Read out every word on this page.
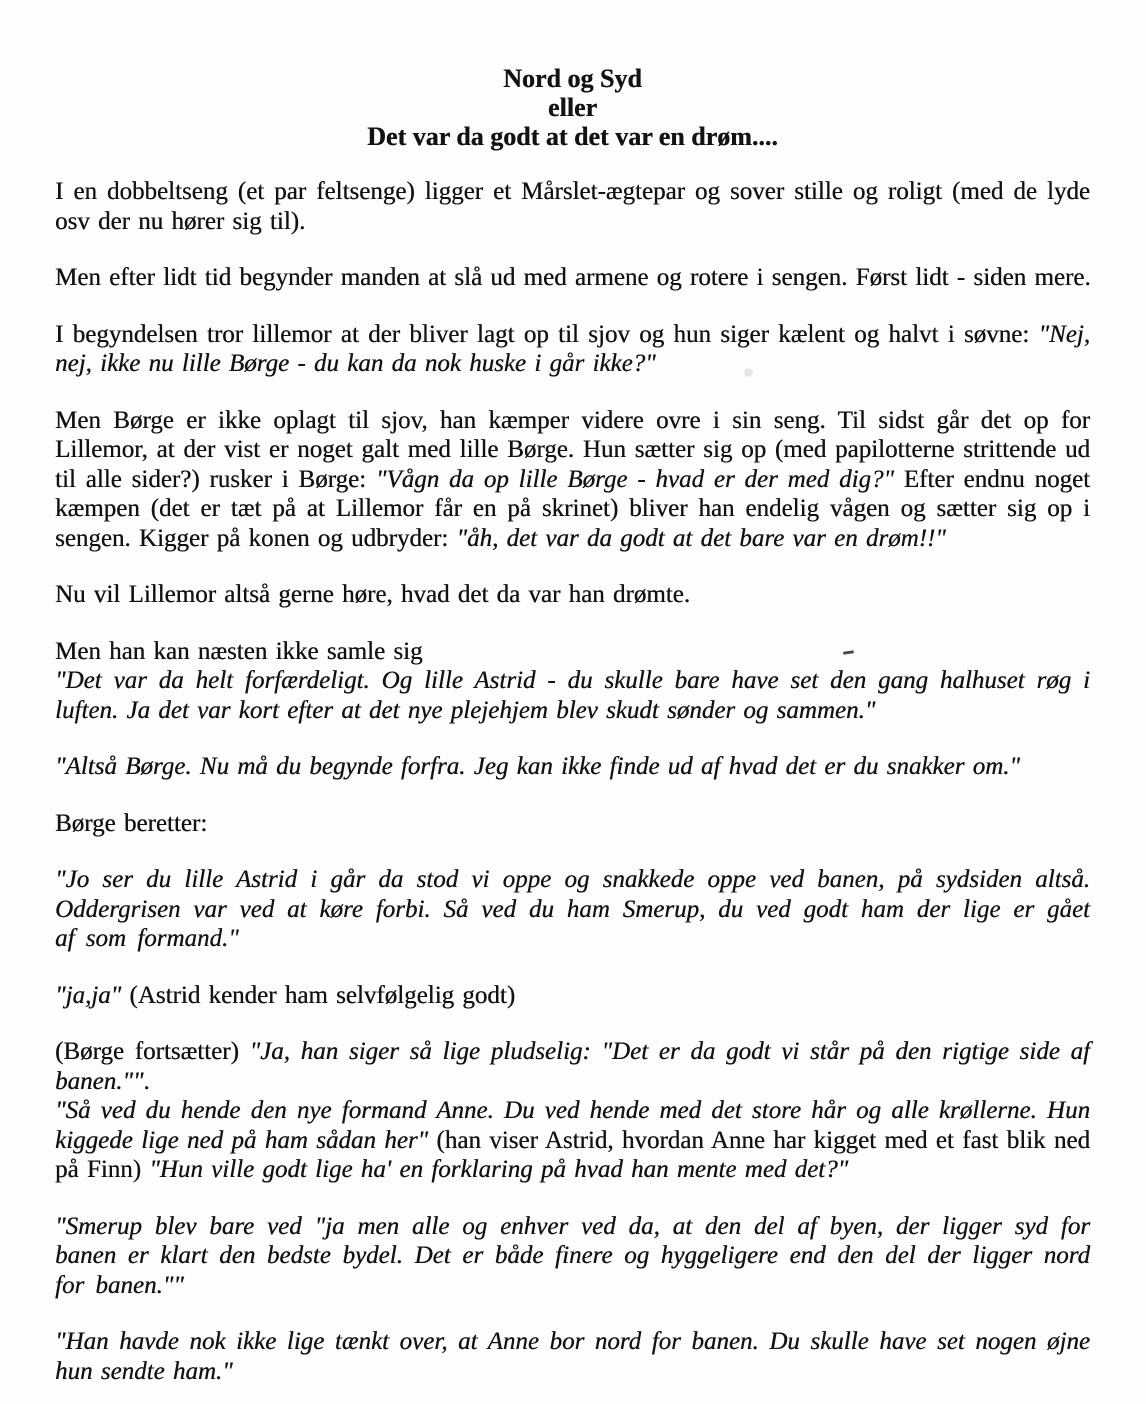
Nord og Syd
eller
Det var da godt at det var en drøm....

I en dobbeltseng (et par feltsenge) ligger et Mårslet-ægtepar og sover stille og roligt (med de lyde osv der nu hører sig til).

Men efter lidt tid begynder manden at slå ud med armene og rotere i sengen. Først lidt - siden mere.

I begyndelsen tror lillemor at der bliver lagt op til sjov og hun siger kælent og halvt i søvne: "Nej, nej, ikke nu lille Børge - du kan da nok huske i går ikke?"

Men Børge er ikke oplagt til sjov, han kæmper videre ovre i sin seng. Til sidst går det op for Lillemor, at der vist er noget galt med lille Børge. Hun sætter sig op (med papilotterne strittende ud til alle sider?) rusker i Børge: "Vågn da op lille Børge - hvad er der med dig?" Efter endnu noget kæmpen (det er tæt på at Lillemor får en på skrinet) bliver han endelig vågen og sætter sig op i sengen. Kigger på konen og udbryder: "åh, det var da godt at det bare var en drøm!!"

Nu vil Lillemor altså gerne høre, hvad det da var han drømte.

Men han kan næsten ikke samle sig
"Det var da helt forfærdeligt. Og lille Astrid - du skulle bare have set den gang halhuset røg i luften. Ja det var kort efter at det nye plejehjem blev skudt sønder og sammen."

"Altså Børge. Nu må du begynde forfra. Jeg kan ikke finde ud af hvad det er du snakker om."

Børge beretter:

"Jo ser du lille Astrid i går da stod vi oppe og snakkede oppe ved banen, på sydsiden altså. Oddergrisen var ved at køre forbi. Så ved du ham Smerup, du ved godt ham der lige er gået af som formand."

"ja,ja" (Astrid kender ham selvfølgelig godt)

(Børge fortsætter) "Ja, han siger så lige pludselig: "Det er da godt vi står på den rigtige side af banen."".
"Så ved du hende den nye formand Anne. Du ved hende med det store hår og alle krøllerne. Hun kiggede lige ned på ham sådan her" (han viser Astrid, hvordan Anne har kigget med et fast blik ned på Finn) "Hun ville godt lige ha' en forklaring på hvad han mente med det?"

"Smerup blev bare ved "ja men alle og enhver ved da, at den del af byen, der ligger syd for banen er klart den bedste bydel. Det er både finere og hyggeligere end den del der ligger nord for banen.""

"Han havde nok ikke lige tænkt over, at Anne bor nord for banen. Du skulle have set nogen øjne hun sendte ham."
